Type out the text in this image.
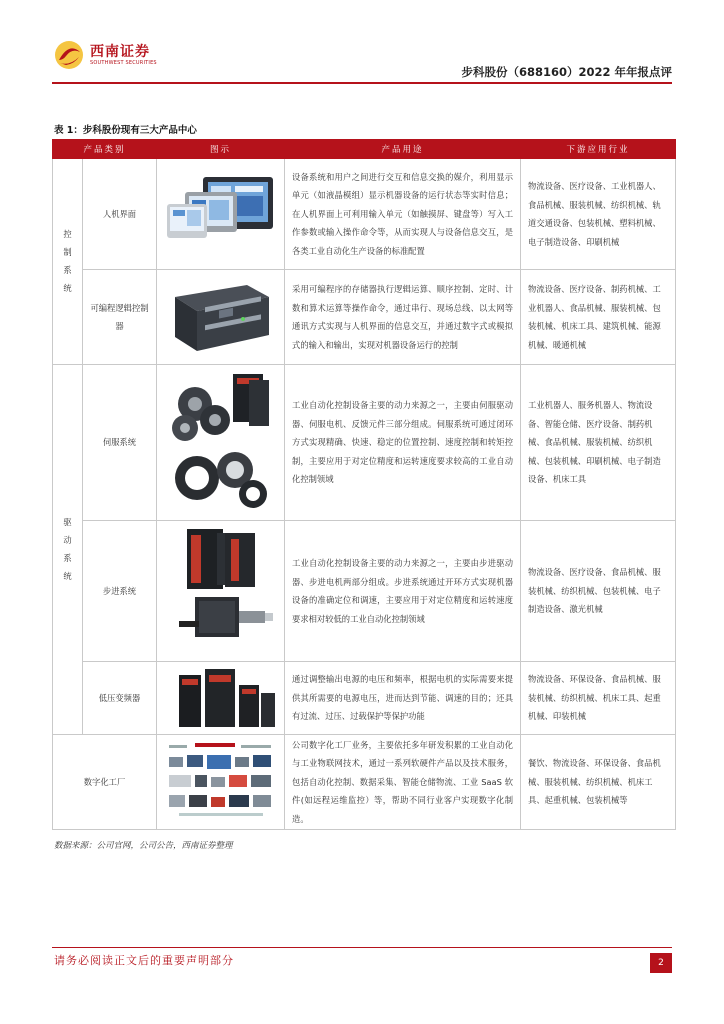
西南证券
SOUTHWEST SECURITIES
步科股份（688160）2022 年年报点评
表 1：步科股份现有三大产品中心
产品类别		图示	产品用途	下游应用行业
控制系统	人机界面		设备系统和用户之间进行交互和信息交换的媒介，利用显示单元（如液晶模组）显示机器设备的运行状态等实时信息；在人机界面上可利用输入单元（如触摸屏、键盘等）写入工作参数或输入操作命令等，从而实现人与设备信息交互，是各类工业自动化生产设备的标准配置	物流设备、医疗设备、工业机器人、食品机械、服装机械、纺织机械、轨道交通设备、包装机械、塑料机械、电子制造设备、印刷机械
	可编程逻辑控制器		采用可编程序的存储器执行逻辑运算、顺序控制、定时、计数和算术运算等操作命令，通过串行、现场总线、以太网等通讯方式实现与人机界面的信息交互，并通过数字式或模拟式的输入和输出，实现对机器设备运行的控制	物流设备、医疗设备、制药机械、工业机器人、食品机械、服装机械、包装机械、机床工具、建筑机械、能源机械、暖通机械
驱动系统	伺服系统		工业自动化控制设备主要的动力来源之一，主要由伺服驱动器、伺服电机、反馈元件三部分组成。伺服系统可通过闭环方式实现精确、快速、稳定的位置控制、速度控制和转矩控制，主要应用于对定位精度和运转速度要求较高的工业自动化控制领域	工业机器人、服务机器人、物流设备、智能仓储、医疗设备、制药机械、食品机械、服装机械、纺织机械、包装机械、印刷机械、电子制造设备、机床工具
	步进系统		工业自动化控制设备主要的动力来源之一，主要由步进驱动器、步进电机两部分组成。步进系统通过开环方式实现机器设备的准确定位和调速，主要应用于对定位精度和运转速度要求相对较低的工业自动化控制领域	物流设备、医疗设备、食品机械、服装机械、纺织机械、包装机械、电子制造设备、激光机械
	低压变频器		通过调整输出电源的电压和频率，根据电机的实际需要来提供其所需要的电源电压，进而达到节能、调速的目的；还具有过流、过压、过载保护等保护功能	物流设备、环保设备、食品机械、服装机械、纺织机械、机床工具、起重机械、印装机械
数字化工厂			公司数字化工厂业务，主要依托多年研发积累的工业自动化与工业物联网技术，通过一系列软硬件产品以及技术服务，包括自动化控制、数据采集、智能仓储物流、工业 SaaS 软件(如远程运维监控）等，帮助不同行业客户实现数字化制造。	餐饮、物流设备、环保设备、食品机械、服装机械、纺织机械、机床工具、起重机械、包装机械等
数据来源：公司官网，公司公告，西南证券整理
请务必阅读正文后的重要声明部分	2
